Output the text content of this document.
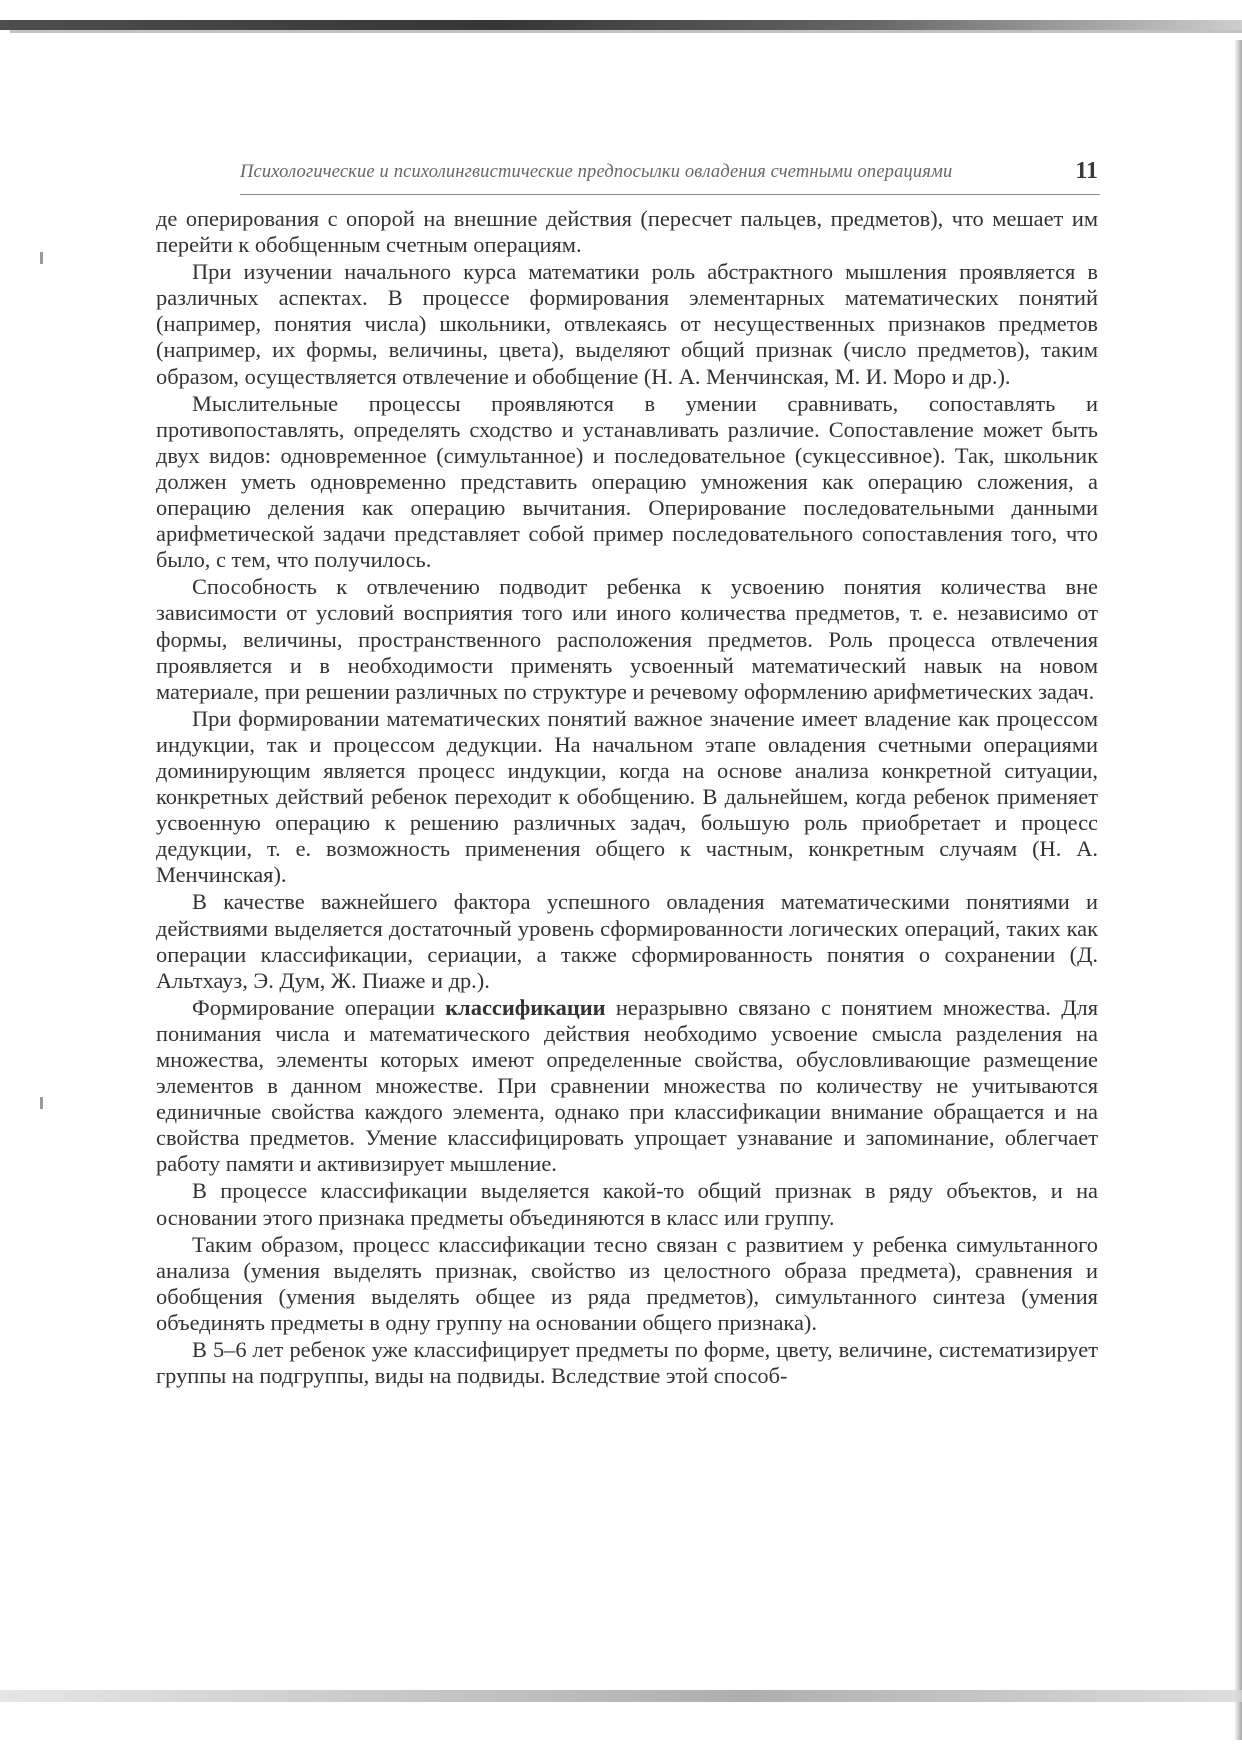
Психологические и психолингвистические предпосылки овладения счетными операциями	11

де оперирования с опорой на внешние действия (пересчет пальцев, предметов), что мешает им перейти к обобщенным счетным операциям.

При изучении начального курса математики роль абстрактного мышления проявляется в различных аспектах. В процессе формирования элементарных математических понятий (например, понятия числа) школьники, отвлекаясь от несущественных признаков предметов (например, их формы, величины, цвета), выделяют общий признак (число предметов), таким образом, осуществляется отвлечение и обобщение (Н. А. Менчинская, М. И. Моро и др.).

Мыслительные процессы проявляются в умении сравнивать, сопоставлять и противопоставлять, определять сходство и устанавливать различие. Сопоставление может быть двух видов: одновременное (симультанное) и последовательное (сукцессивное). Так, школьник должен уметь одновременно представить операцию умножения как операцию сложения, а операцию деления как операцию вычитания. Оперирование последовательными данными арифметической задачи представляет собой пример последовательного сопоставления того, что было, с тем, что получилось.

Способность к отвлечению подводит ребенка к усвоению понятия количества вне зависимости от условий восприятия того или иного количества предметов, т. е. независимо от формы, величины, пространственного расположения предметов. Роль процесса отвлечения проявляется и в необходимости применять усвоенный математический навык на новом материале, при решении различных по структуре и речевому оформлению арифметических задач.

При формировании математических понятий важное значение имеет владение как процессом индукции, так и процессом дедукции. На начальном этапе овладения счетными операциями доминирующим является процесс индукции, когда на основе анализа конкретной ситуации, конкретных действий ребенок переходит к обобщению. В дальнейшем, когда ребенок применяет усвоенную операцию к решению различных задач, большую роль приобретает и процесс дедукции, т. е. возможность применения общего к частным, конкретным случаям (Н. А. Менчинская).

В качестве важнейшего фактора успешного овладения математическими понятиями и действиями выделяется достаточный уровень сформированности логических операций, таких как операции классификации, сериации, а также сформированность понятия о сохранении (Д. Альтхауз, Э. Дум, Ж. Пиаже и др.).

Формирование операции классификации неразрывно связано с понятием множества. Для понимания числа и математического действия необходимо усвоение смысла разделения на множества, элементы которых имеют определенные свойства, обусловливающие размещение элементов в данном множестве. При сравнении множества по количеству не учитываются единичные свойства каждого элемента, однако при классификации внимание обращается и на свойства предметов. Умение классифицировать упрощает узнавание и запоминание, облегчает работу памяти и активизирует мышление.

В процессе классификации выделяется какой-то общий признак в ряду объектов, и на основании этого признака предметы объединяются в класс или группу.

Таким образом, процесс классификации тесно связан с развитием у ребенка симультанного анализа (умения выделять признак, свойство из целостного образа предмета), сравнения и обобщения (умения выделять общее из ряда предметов), симультанного синтеза (умения объединять предметы в одну группу на основании общего признака).

В 5–6 лет ребенок уже классифицирует предметы по форме, цвету, величине, систематизирует группы на подгруппы, виды на подвиды. Вследствие этой способ-
